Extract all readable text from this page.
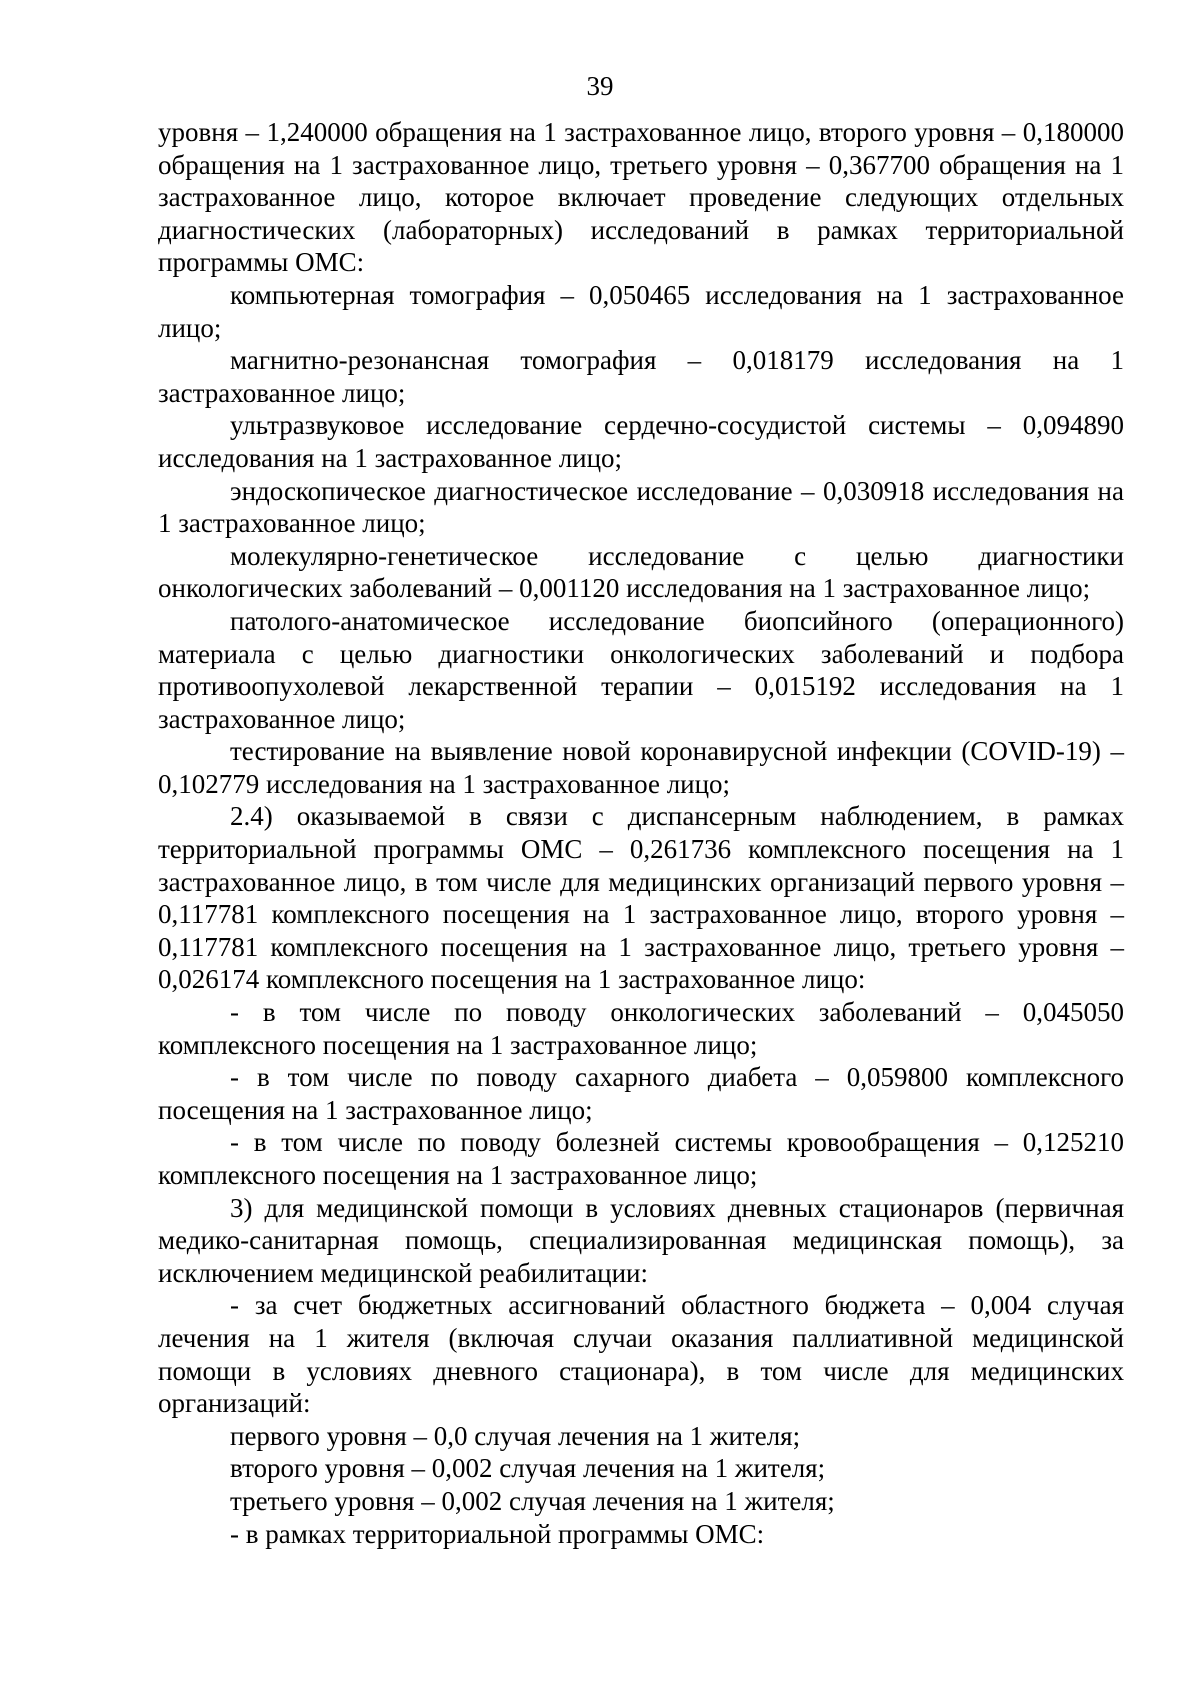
39

уровня – 1,240000 обращения на 1 застрахованное лицо, второго уровня – 0,180000 обращения на 1 застрахованное лицо, третьего уровня – 0,367700 обращения на 1 застрахованное лицо, которое включает проведение следующих отдельных диагностических (лабораторных) исследований в рамках территориальной программы ОМС:

компьютерная томография – 0,050465 исследования на 1 застрахованное лицо;

магнитно-резонансная томография – 0,018179 исследования на 1 застрахованное лицо;

ультразвуковое исследование сердечно-сосудистой системы – 0,094890 исследования на 1 застрахованное лицо;

эндоскопическое диагностическое исследование – 0,030918 исследования на 1 застрахованное лицо;

молекулярно-генетическое исследование с целью диагностики онкологических заболеваний – 0,001120 исследования на 1 застрахованное лицо;

патолого-анатомическое исследование биопсийного (операционного) материала с целью диагностики онкологических заболеваний и подбора противоопухолевой лекарственной терапии – 0,015192 исследования на 1 застрахованное лицо;

тестирование на выявление новой коронавирусной инфекции (COVID-19) – 0,102779 исследования на 1 застрахованное лицо;

2.4) оказываемой в связи с диспансерным наблюдением, в рамках территориальной программы ОМС – 0,261736 комплексного посещения на 1 застрахованное лицо, в том числе для медицинских организаций первого уровня – 0,117781 комплексного посещения на 1 застрахованное лицо, второго уровня – 0,117781 комплексного посещения на 1 застрахованное лицо, третьего уровня – 0,026174 комплексного посещения на 1 застрахованное лицо:

- в том числе по поводу онкологических заболеваний – 0,045050 комплексного посещения на 1 застрахованное лицо;

- в том числе по поводу сахарного диабета – 0,059800 комплексного посещения на 1 застрахованное лицо;

- в том числе по поводу болезней системы кровообращения – 0,125210 комплексного посещения на 1 застрахованное лицо;

3) для медицинской помощи в условиях дневных стационаров (первичная медико-санитарная помощь, специализированная медицинская помощь), за исключением медицинской реабилитации:

- за счет бюджетных ассигнований областного бюджета – 0,004 случая лечения на 1 жителя (включая случаи оказания паллиативной медицинской помощи в условиях дневного стационара), в том числе для медицинских организаций:

первого уровня – 0,0 случая лечения на 1 жителя;

второго уровня – 0,002 случая лечения на 1 жителя;

третьего уровня – 0,002 случая лечения на 1 жителя;

- в рамках территориальной программы ОМС:
